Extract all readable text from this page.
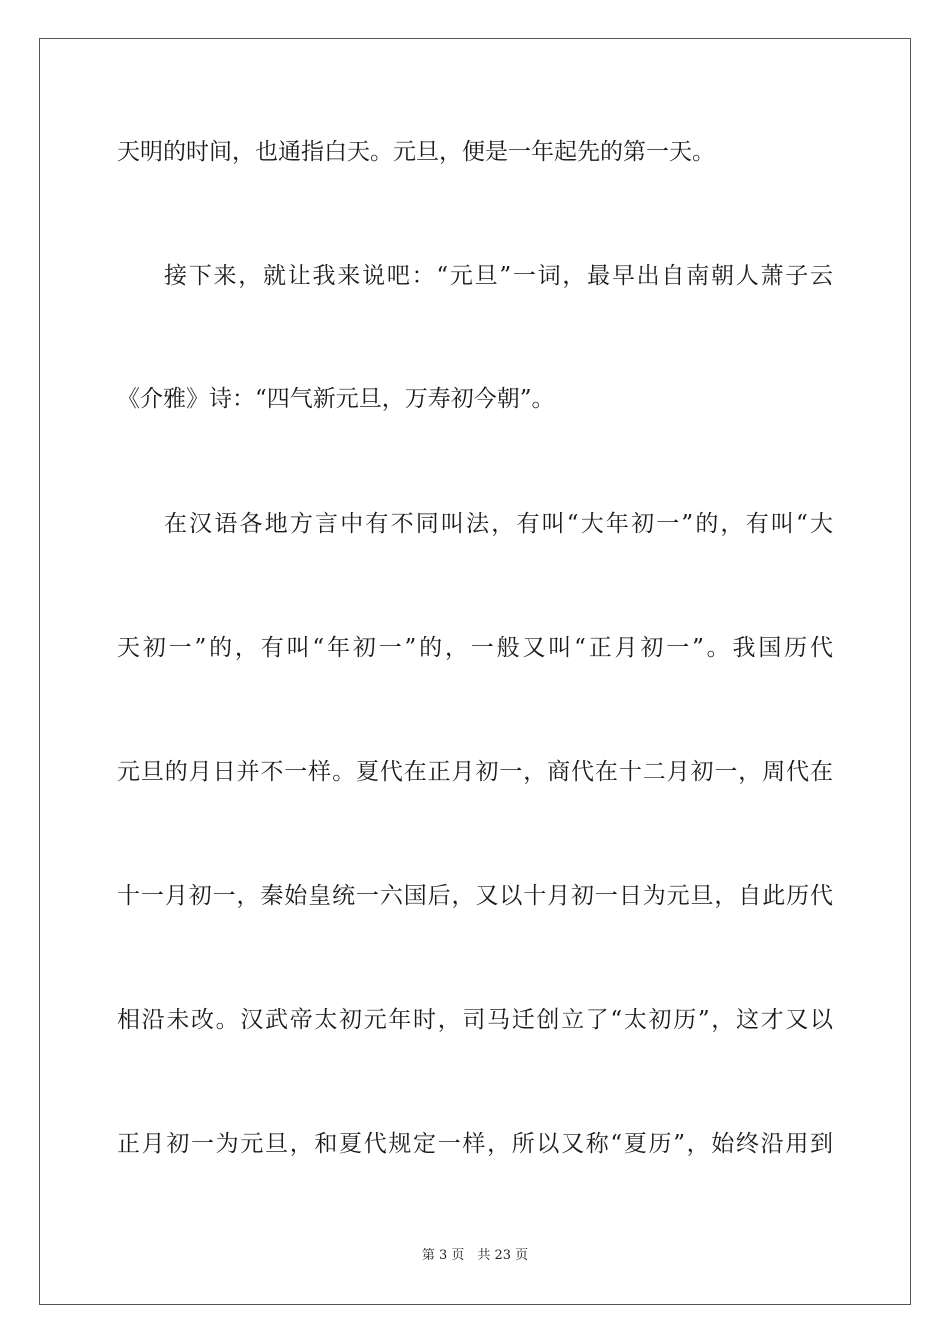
天明的时间，也通指白天。元旦，便是一年起先的第一天。
接下来，就让我来说吧：“元旦”一词，最早出自南朝人萧子云
《介雅》诗：“四气新元旦，万寿初今朝”。
在汉语各地方言中有不同叫法，有叫“大年初一”的，有叫“大
天初一”的，有叫“年初一”的，一般又叫“正月初一”。我国历代
元旦的月日并不一样。夏代在正月初一，商代在十二月初一，周代在
十一月初一，秦始皇统一六国后，又以十月初一日为元旦，自此历代
相沿未改。汉武帝太初元年时，司马迁创立了“太初历”，这才又以
正月初一为元旦，和夏代规定一样，所以又称“夏历”，始终沿用到
第 3 页　共 23 页
